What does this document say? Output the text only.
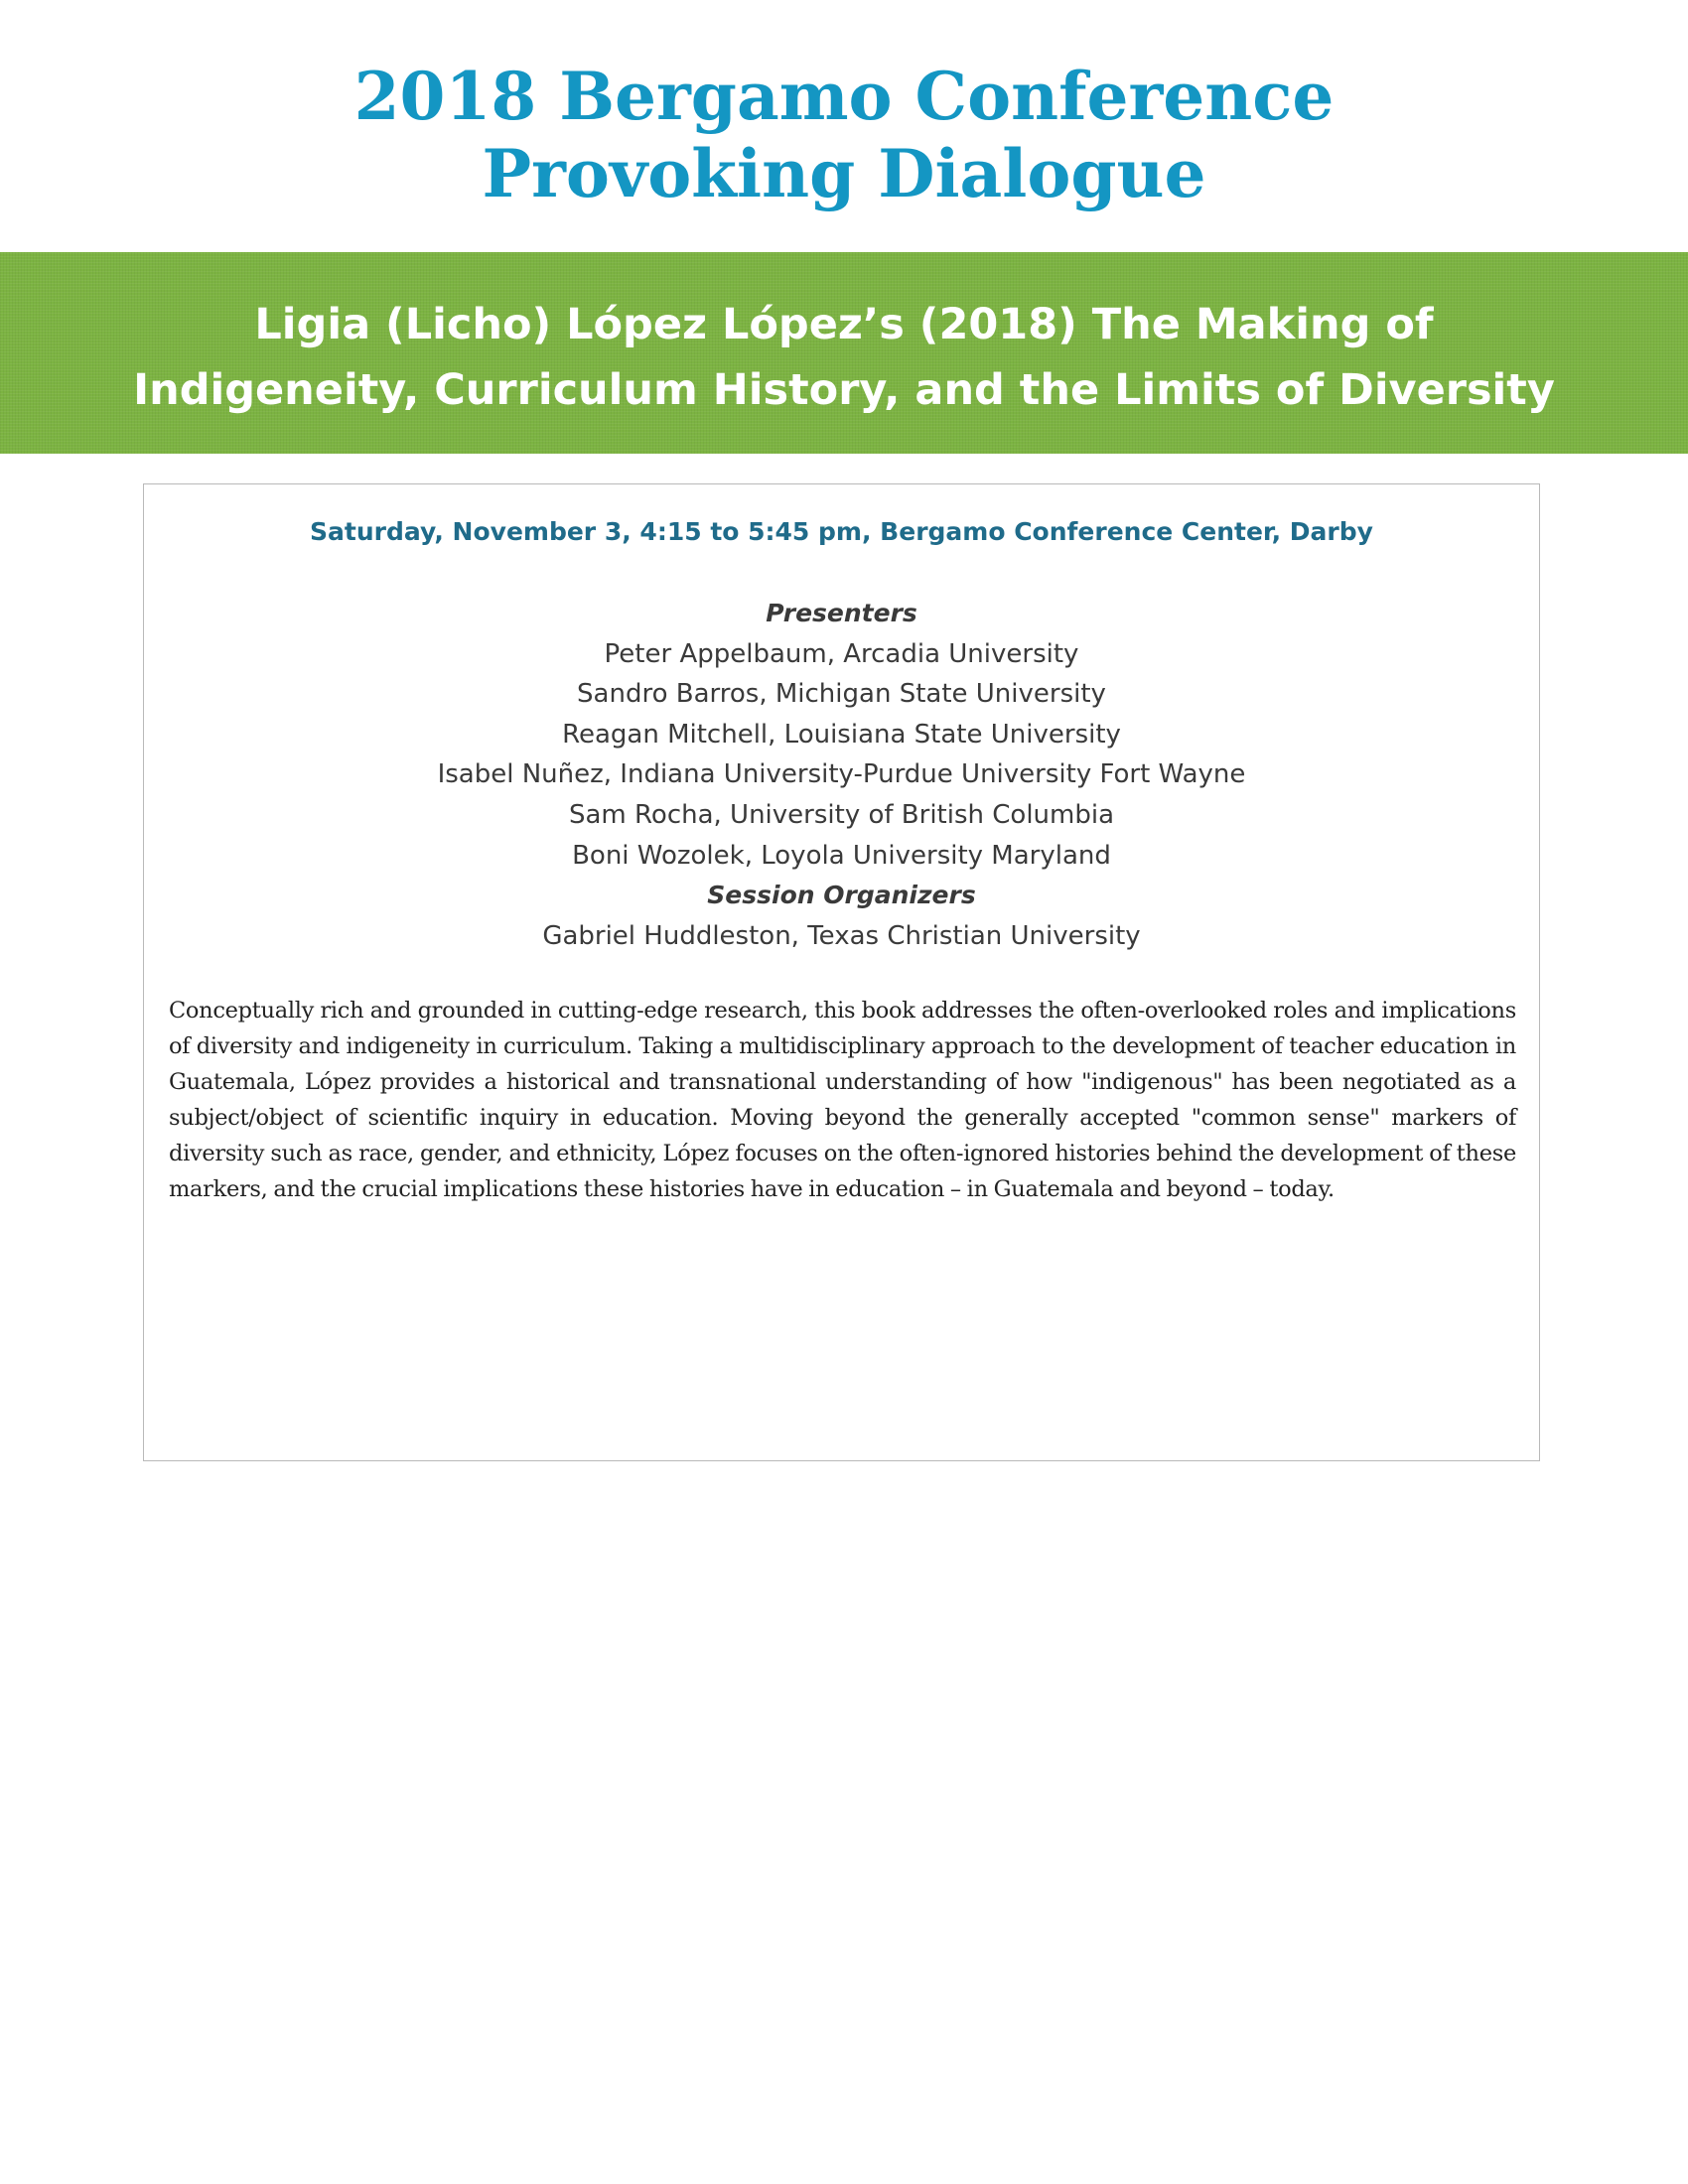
2018 Bergamo Conference
Provoking Dialogue
Ligia (Licho) López López’s (2018) The Making of
Indigeneity, Curriculum History, and the Limits of Diversity
Saturday, November 3, 4:15 to 5:45 pm, Bergamo Conference Center, Darby
Presenters
Peter Appelbaum, Arcadia University
Sandro Barros, Michigan State University
Reagan Mitchell, Louisiana State University
Isabel Nuñez, Indiana University-Purdue University Fort Wayne
Sam Rocha, University of British Columbia
Boni Wozolek, Loyola University Maryland
Session Organizers
Gabriel Huddleston, Texas Christian University
Conceptually rich and grounded in cutting-edge research, this book addresses the often-overlooked roles and implications of diversity and indigeneity in curriculum. Taking a multidisciplinary approach to the development of teacher education in Guatemala, López provides a historical and transnational understanding of how "indigenous" has been negotiated as a subject/object of scientific inquiry in education. Moving beyond the generally accepted "common sense" markers of diversity such as race, gender, and ethnicity, López focuses on the often-ignored histories behind the development of these markers, and the crucial implications these histories have in education – in Guatemala and beyond – today.
